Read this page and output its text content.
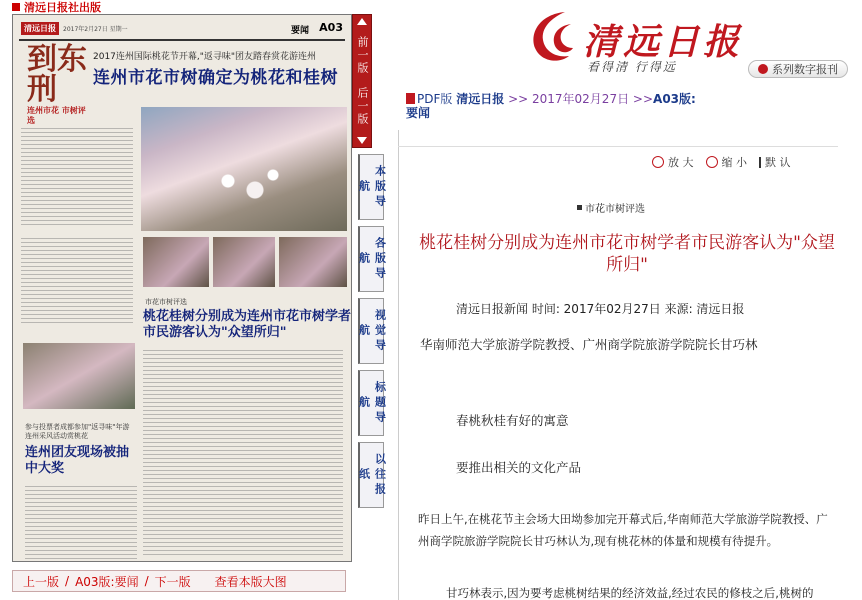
清远日报社出版
清远日报	2017年2月27日 星期一	要闻 A03
到东刑
连州市花 市树评选
2017连州国际桃花节开幕,"返寻味"团友踏春赏花游连州
连州市花市树确定为桃花和桂树
市花市树评选
桃花桂树分别成为连州市花市树学者市民游客认为"众望所归"
参与投票者成都参加"返寻味"年游连州采风活动赏桃花
连州团友现场被抽中大奖
前一版
后一版
本版导航
各版导航
视觉导航
标题导航
以往报纸
上一版 / A03版:要闻 / 下一版 查看本版大图
清远日报
看得清 行得远	系列数字报刊
PDF版 清远日报 >> 2017年02月27日 >>A03版:要闻
放 大	缩 小 默 认
市花市树评选
桃花桂树分别成为连州市花市树学者市民游客认为"众望所归"
清远日报新闻 时间: 2017年02月27日 来源: 清远日报
华南师范大学旅游学院教授、广州商学院旅游学院院长甘巧林
春桃秋桂有好的寓意
要推出相关的文化产品
昨日上午,在桃花节主会场大田坳参加完开幕式后,华南师范大学旅游学院教授、广州商学院旅游学院院长甘巧林认为,现有桃花林的体量和规模有待提升。
甘巧林表示,因为要考虑桃树结果的经济效益,经过农民的修枝之后,桃树的
